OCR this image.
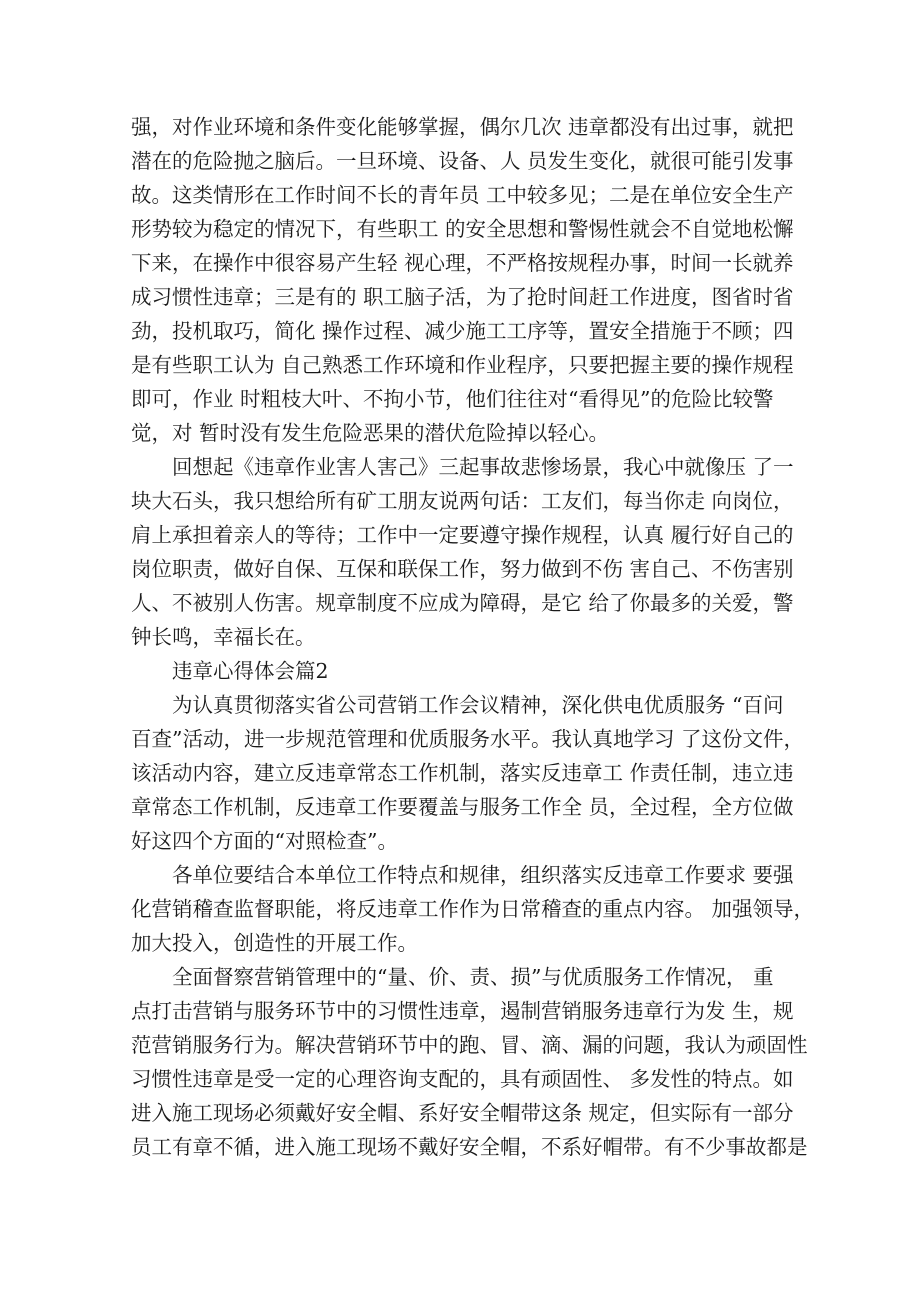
强，对作业环境和条件变化能够掌握，偶尔几次 违章都没有出过事，就把
潜在的危险抛之脑后。一旦环境、设备、人 员发生变化，就很可能引发事
故。这类情形在工作时间不长的青年员 工中较多见；二是在单位安全生产
形势较为稳定的情况下，有些职工 的安全思想和警惕性就会不自觉地松懈
下来，在操作中很容易产生轻 视心理，不严格按规程办事，时间一长就养
成习惯性违章；三是有的 职工脑子活，为了抢时间赶工作进度，图省时省
劲，投机取巧，简化 操作过程、减少施工工序等，置安全措施于不顾；四
是有些职工认为 自己熟悉工作环境和作业程序，只要把握主要的操作规程
即可，作业 时粗枝大叶、不拘小节，他们往往对“看得见”的危险比较警
觉，对 暂时没有发生危险恶果的潜伏危险掉以轻心。

回想起《违章作业害人害己》三起事故悲惨场景，我心中就像压 了一
块大石头，我只想给所有矿工朋友说两句话：工友们，每当你走 向岗位，
肩上承担着亲人的等待；工作中一定要遵守操作规程，认真 履行好自己的
岗位职责，做好自保、互保和联保工作，努力做到不伤 害自己、不伤害别
人、不被别人伤害。规章制度不应成为障碍，是它 给了你最多的关爱，警
钟长鸣，幸福长在。

违章心得体会篇2

为认真贯彻落实省公司营销工作会议精神，深化供电优质服务 “百问
百查”活动，进一步规范管理和优质服务水平。我认真地学习 了这份文件，
该活动内容，建立反违章常态工作机制，落实反违章工 作责任制，违立违
章常态工作机制，反违章工作要覆盖与服务工作全 员，全过程，全方位做
好这四个方面的“对照检查”。

各单位要结合本单位工作特点和规律，组织落实反违章工作要求 要强
化营销稽查监督职能，将反违章工作作为日常稽查的重点内容。 加强领导，
加大投入，创造性的开展工作。

全面督察营销管理中的“量、价、责、损”与优质服务工作情况， 重
点打击营销与服务环节中的习惯性违章，遏制营销服务违章行为发 生，规
范营销服务行为。解决营销环节中的跑、冒、滴、漏的问题，我认为顽固性
习惯性违章是受一定的心理咨询支配的，具有顽固性、 多发性的特点。如
进入施工现场必须戴好安全帽、系好安全帽带这条 规定，但实际有一部分
员工有章不循，进入施工现场不戴好安全帽，不系好帽带。有不少事故都是
